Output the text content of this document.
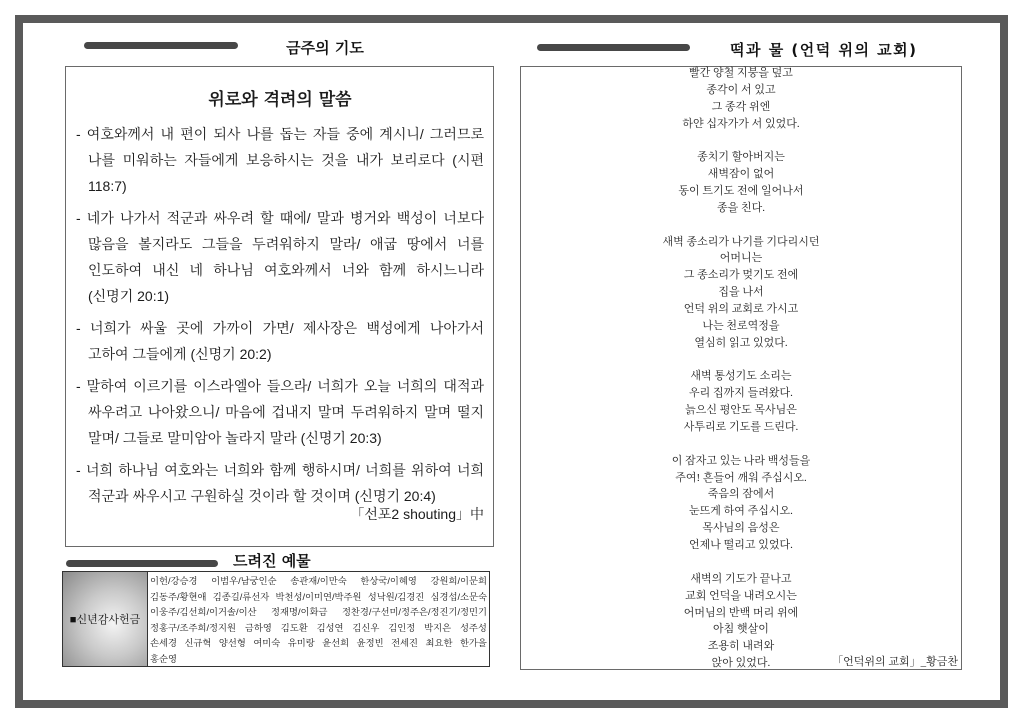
금주의 기도
위로와 격려의 말씀

- 여호와께서 내 편이 되사 나를 돕는 자들 중에 계시니/ 그러므로 나를 미워하는 자들에게 보응하시는 것을 내가 보리로다 (시편 118:7)

- 네가 나가서 적군과 싸우려 할 때에/ 말과 병거와 백성이 너보다 많음을 볼지라도 그들을 두려워하지 말라/ 애굽 땅에서 너를 인도하여 내신 네 하나님 여호와께서 너와 함께 하시느니라 (신명기 20:1)

- 너희가 싸울 곳에 가까이 가면/ 제사장은 백성에게 나아가서 고하여 그들에게 (신명기 20:2)

- 말하여 이르기를 이스라엘아 들으라/ 너희가 오늘 너희의 대적과 싸우려고 나아왔으니/ 마음에 겁내지 말며 두려워하지 말며 떨지 말며/ 그들로 말미암아 놀라지 말라 (신명기 20:3)

- 너희 하나님 여호와는 너희와 함께 행하시며/ 너희를 위하여 너희 적군과 싸우시고 구원하실 것이라 할 것이며 (신명기 20:4)

「선포2 shouting」中
드려진 예물
■신년감사헌금
이헌/강승경 이범우/남궁인순 송관재/이만숙 한상국/이혜영 강원희/이문희
김동주/황현애 김종길/류선자 박천성/이미연/박주원 성낙원/김경진 심경섭/소문숙
이웅주/김선희/이거솔/이산 정재명/이화금 정찬경/구선미/정주은/정진기/정민기
정홍구/조주희/정지원 금하영 김도환 김성연 김신우 김인정 박지은 성주성
손세경 신규혁 양선형 여미숙 유미랑 윤선희 윤정빈 전세진 최요한 한가을
홍순영
떡과 물 (언덕 위의 교회)
빨간 양철 지붕을 덮고
종각이 서 있고
그 종각 위엔
하얀 십자가가 서 있었다.
종치기 할아버지는
새벽잠이 없어
동이 트기도 전에 일어나서
종을 친다.
새벽 종소리가 나기를 기다리시던
어머니는
그 종소리가 멎기도 전에
집을 나서
언덕 위의 교회로 가시고
나는 천로역정을
열심히 읽고 있었다.
새벽 통성기도 소리는
우리 집까지 들려왔다.
늙으신 평안도 목사님은
사투리로 기도를 드린다.
이 잠자고 있는 나라 백성들을
주여! 흔들어 깨워 주십시오.
죽음의 잠에서
눈뜨게 하여 주십시오.
목사님의 음성은
언제나 떨리고 있었다.
새벽의 기도가 끝나고
교회 언덕을 내려오시는
어머님의 반백 머리 위에
아침 햇살이
조용히 내려와
앉아 있었다.	「언덕위의 교회」_황금찬
